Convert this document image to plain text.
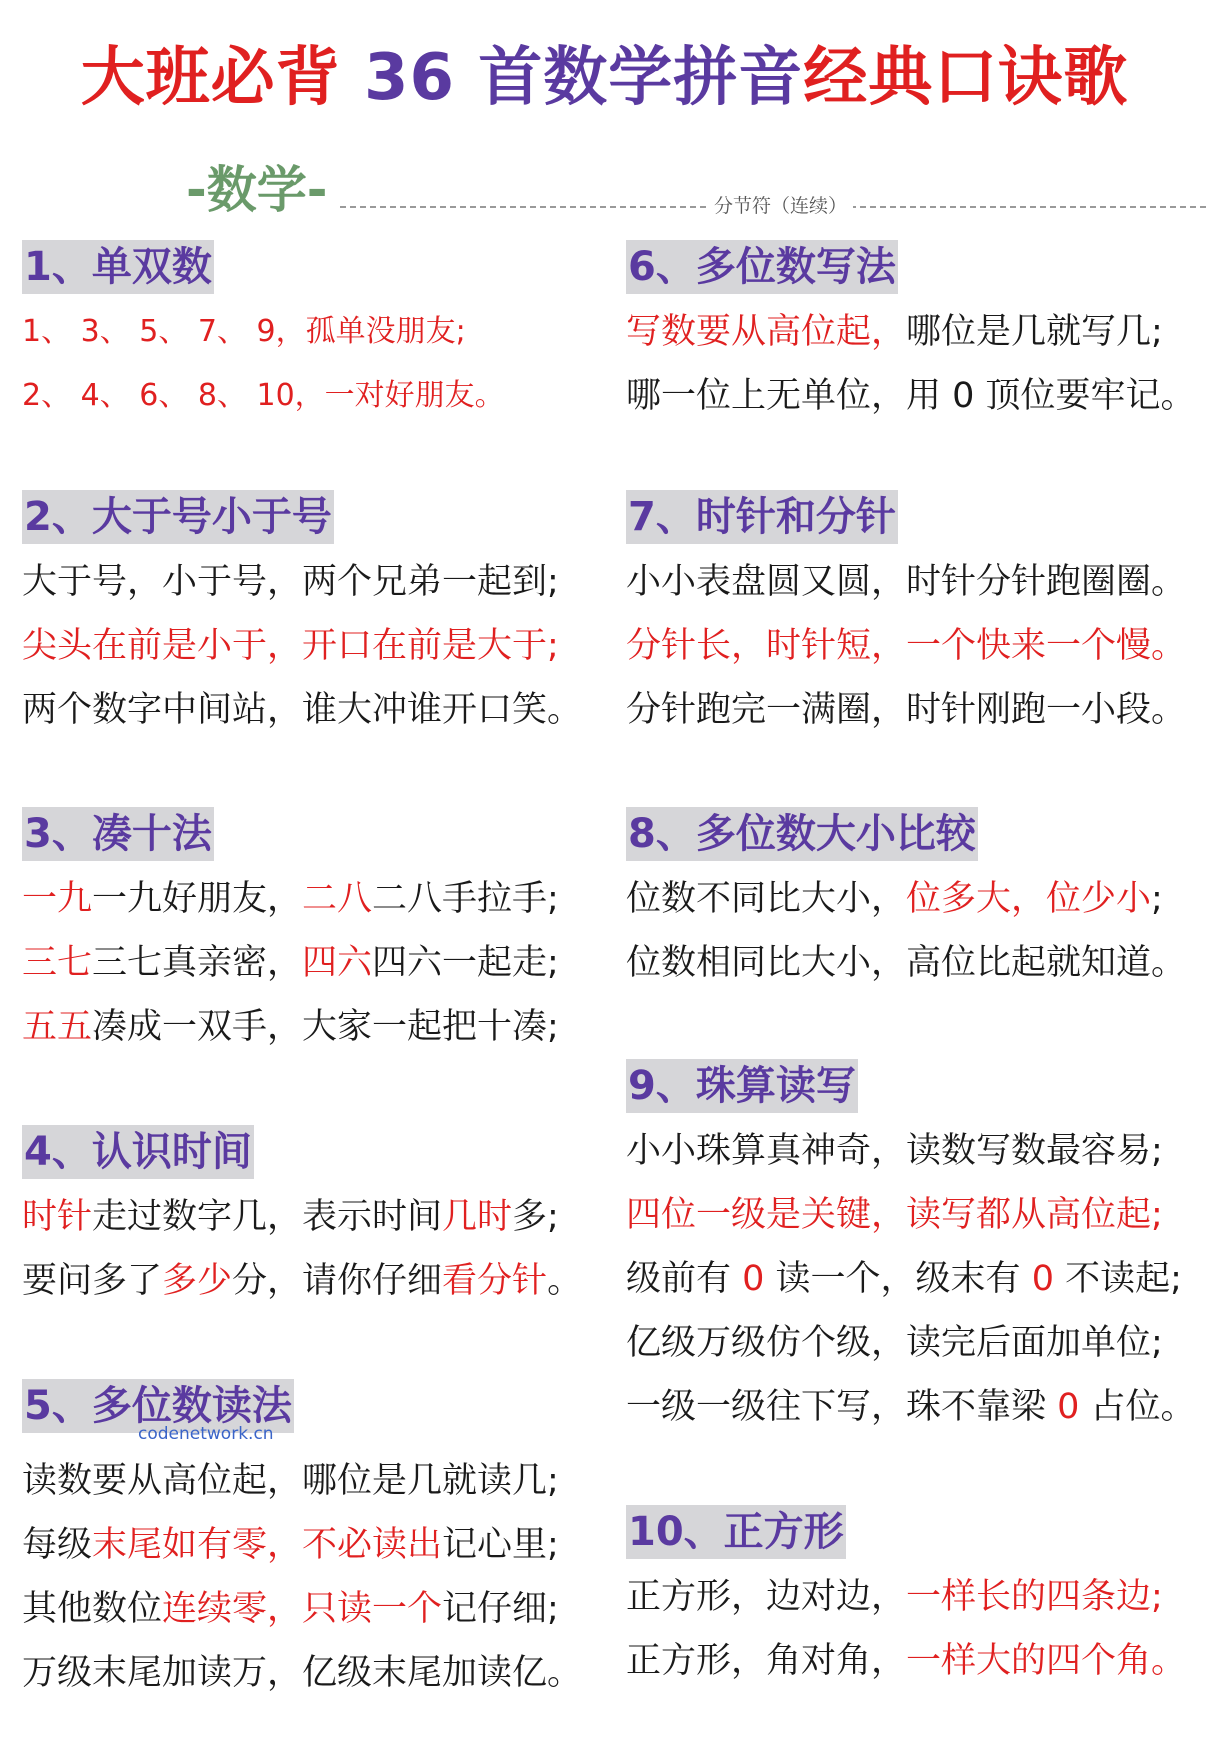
大班必背 36 首数学拼音经典口诀歌
-数学-	分节符（连续）
1、单双数
1、 3、 5、 7、 9，孤单没朋友;
2、 4、 6、 8、 10，一对好朋友。
2、大于号小于号
大于号，小于号，两个兄弟一起到;
尖头在前是小于，开口在前是大于;
两个数字中间站，谁大冲谁开口笑。
3、凑十法
一九一九好朋友，二八二八手拉手;
三七三七真亲密，四六四六一起走;
五五凑成一双手，大家一起把十凑;
4、认识时间
时针走过数字几，表示时间几时多;
要问多了多少分，请你仔细看分针。
5、多位数读法
读数要从高位起，哪位是几就读几;
每级末尾如有零，不必读出记心里;
其他数位连续零，只读一个记仔细;
万级末尾加读万，亿级末尾加读亿。
codenetwork.cn
6、多位数写法
写数要从高位起，哪位是几就写几;
哪一位上无单位，用 0 顶位要牢记。
7、时针和分针
小小表盘圆又圆，时针分针跑圈圈。
分针长，时针短，一个快来一个慢。
分针跑完一满圈，时针刚跑一小段。
8、多位数大小比较
位数不同比大小，位多大，位少小;
位数相同比大小，高位比起就知道。
9、珠算读写
小小珠算真神奇，读数写数最容易;
四位一级是关键，读写都从高位起;
级前有 0 读一个，级末有 0 不读起;
亿级万级仿个级，读完后面加单位;
一级一级往下写，珠不靠梁 0 占位。
10、正方形
正方形，边对边，一样长的四条边;
正方形，角对角，一样大的四个角。
